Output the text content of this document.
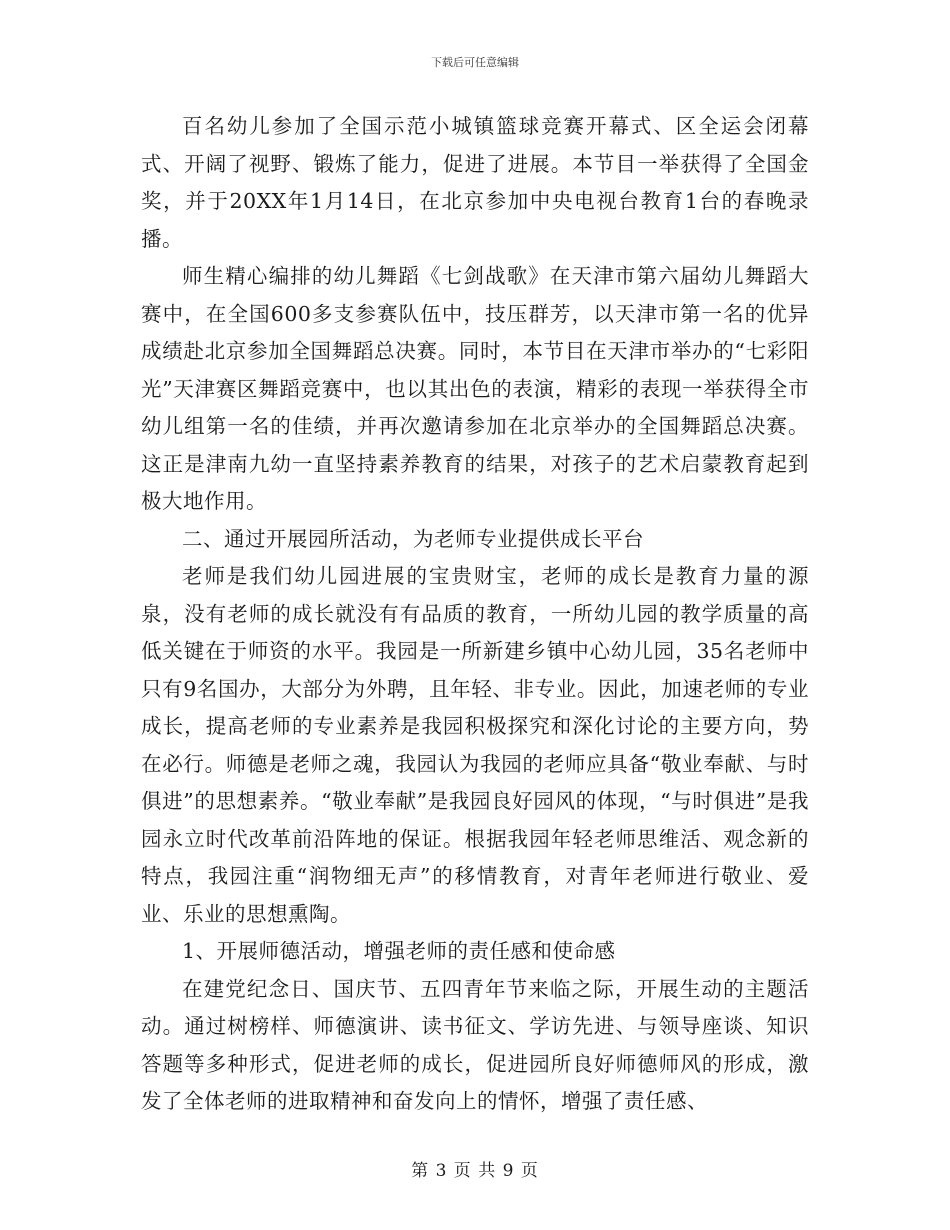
下载后可任意编辑

百名幼儿参加了全国示范小城镇篮球竞赛开幕式、区全运会闭幕式、开阔了视野、锻炼了能力，促进了进展。本节目一举获得了全国金奖，并于20XX年1月14日，在北京参加中央电视台教育1台的春晚录播。

师生精心编排的幼儿舞蹈《七剑战歌》在天津市第六届幼儿舞蹈大赛中，在全国600多支参赛队伍中，技压群芳，以天津市第一名的优异成绩赴北京参加全国舞蹈总决赛。同时，本节目在天津市举办的“七彩阳光”天津赛区舞蹈竞赛中，也以其出色的表演，精彩的表现一举获得全市幼儿组第一名的佳绩，并再次邀请参加在北京举办的全国舞蹈总决赛。这正是津南九幼一直坚持素养教育的结果，对孩子的艺术启蒙教育起到极大地作用。

二、通过开展园所活动，为老师专业提供成长平台

老师是我们幼儿园进展的宝贵财宝，老师的成长是教育力量的源泉，没有老师的成长就没有有品质的教育，一所幼儿园的教学质量的高低关键在于师资的水平。我园是一所新建乡镇中心幼儿园，35名老师中只有9名国办，大部分为外聘，且年轻、非专业。因此，加速老师的专业成长，提高老师的专业素养是我园积极探究和深化讨论的主要方向，势在必行。师德是老师之魂，我园认为我园的老师应具备“敬业奉献、与时俱进”的思想素养。“敬业奉献”是我园良好园风的体现，“与时俱进”是我园永立时代改革前沿阵地的保证。根据我园年轻老师思维活、观念新的特点，我园注重“润物细无声”的移情教育，对青年老师进行敬业、爱业、乐业的思想熏陶。

1、开展师德活动，增强老师的责任感和使命感

在建党纪念日、国庆节、五四青年节来临之际，开展生动的主题活动。通过树榜样、师德演讲、读书征文、学访先进、与领导座谈、知识答题等多种形式，促进老师的成长，促进园所良好师德师风的形成，激发了全体老师的进取精神和奋发向上的情怀，增强了责任感、

第 3 页 共 9 页
